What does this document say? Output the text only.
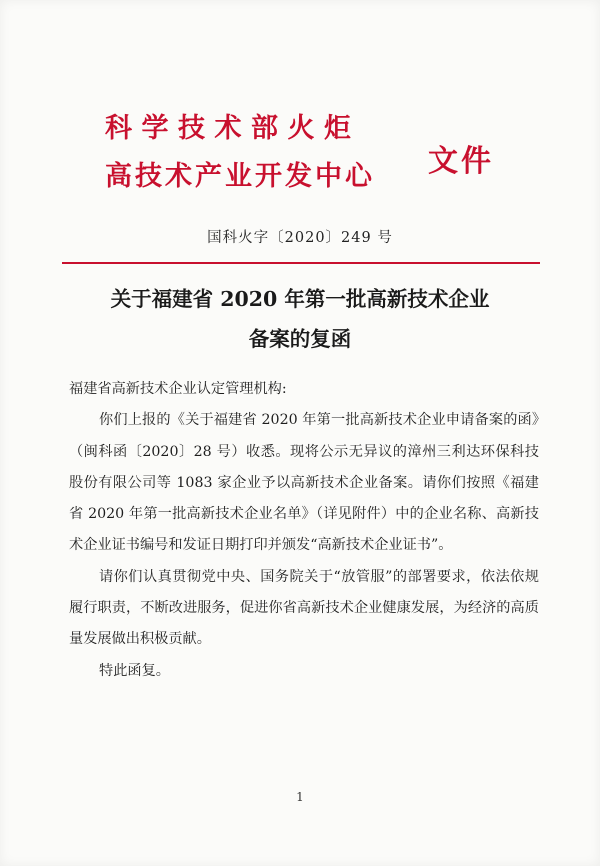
科学技术部火炬
高技术产业开发中心	文件
国科火字〔2020〕249 号
关于福建省 2020 年第一批高新技术企业
备案的复函

福建省高新技术企业认定管理机构:

你们上报的《关于福建省 2020 年第一批高新技术企业申请备案的函》（闽科函〔2020〕28 号）收悉。现将公示无异议的漳州三利达环保科技股份有限公司等 1083 家企业予以高新技术企业备案。请你们按照《福建省 2020 年第一批高新技术企业名单》（详见附件）中的企业名称、高新技术企业证书编号和发证日期打印并颁发“高新技术企业证书”。

请你们认真贯彻党中央、国务院关于“放管服”的部署要求，依法依规履行职责，不断改进服务，促进你省高新技术企业健康发展，为经济的高质量发展做出积极贡献。

特此函复。

1
